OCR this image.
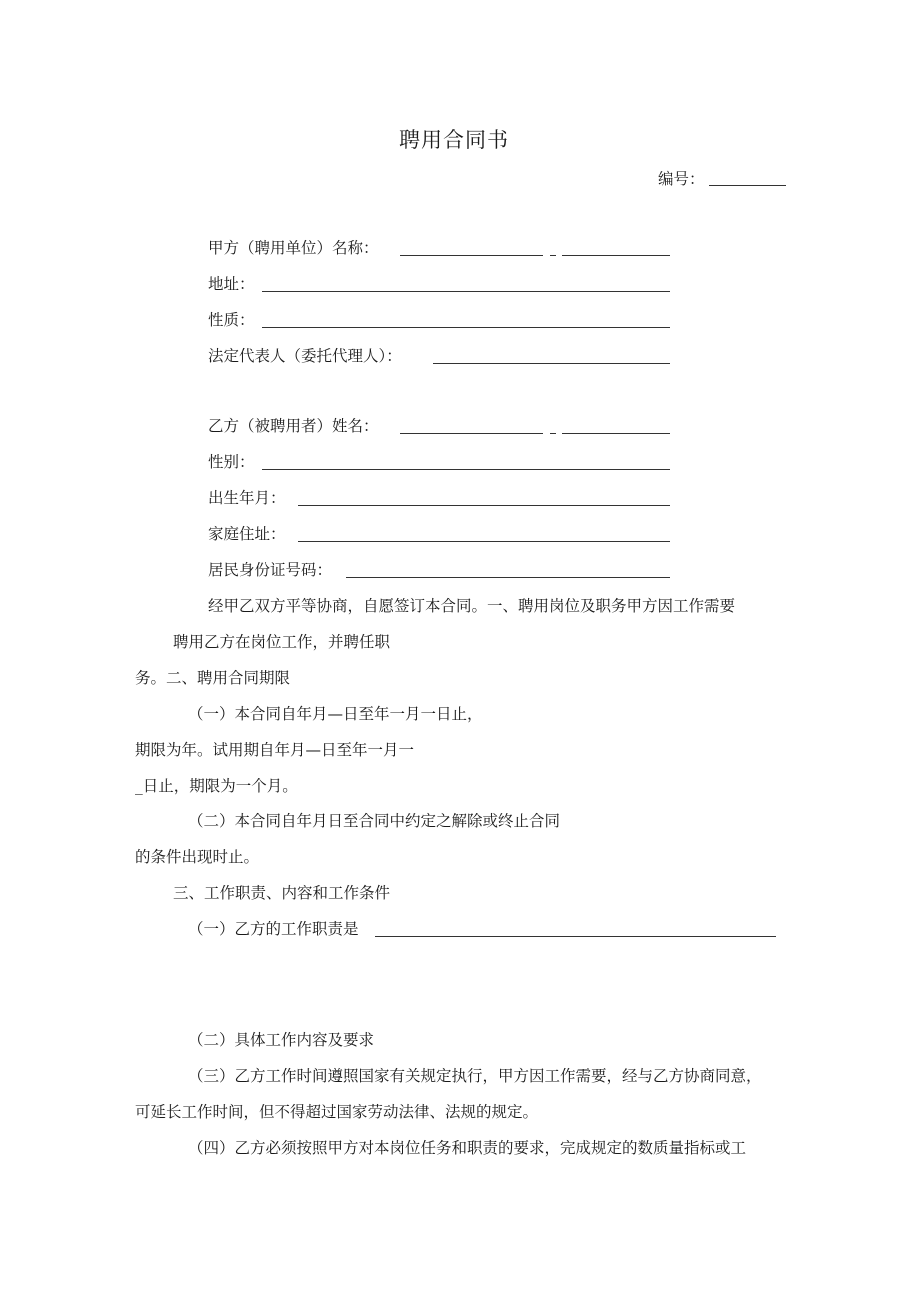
聘用合同书
编号：
甲方（聘用单位）名称：
地址：
性质：
法定代表人（委托代理人）：
乙方（被聘用者）姓名：
性别：
出生年月：
家庭住址：
居民身份证号码：
经甲乙双方平等协商，自愿签订本合同。一、聘用岗位及职务甲方因工作需要
聘用乙方在岗位工作，并聘任职
务。二、聘用合同期限
（一）本合同自年月—日至年一月一日止，
期限为年。试用期自年月—日至年一月一
_日止，期限为一个月。
（二）本合同自年月日至合同中约定之解除或终止合同
的条件出现时止。
三、工作职责、内容和工作条件
（一）乙方的工作职责是
（二）具体工作内容及要求
（三）乙方工作时间遵照国家有关规定执行，甲方因工作需要，经与乙方协商同意，
可延长工作时间，但不得超过国家劳动法律、法规的规定。
（四）乙方必须按照甲方对本岗位任务和职责的要求，完成规定的数质量指标或工
